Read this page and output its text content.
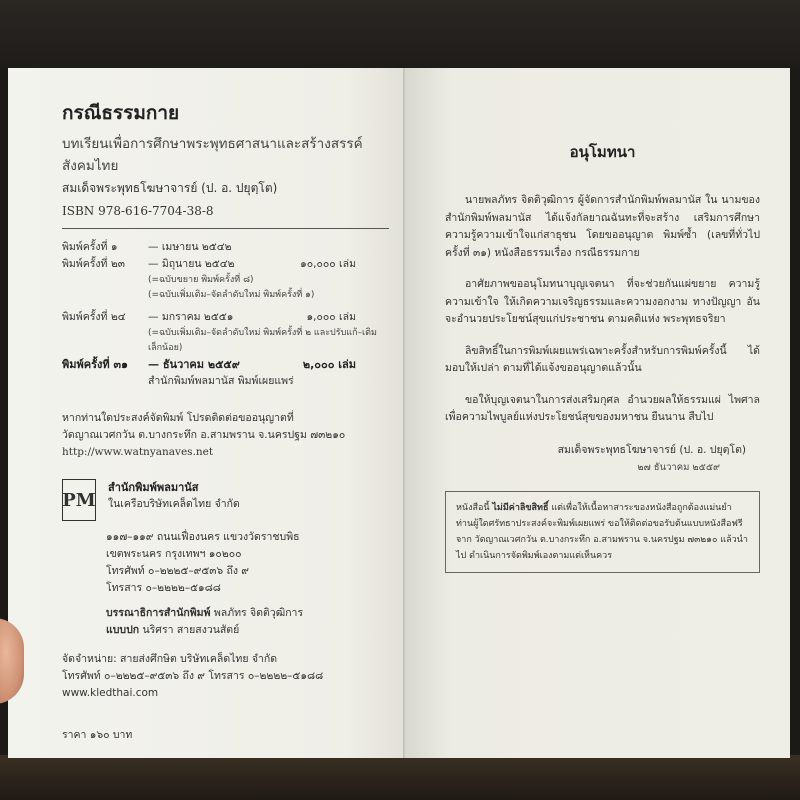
กรณีธรรมกาย
บทเรียนเพื่อการศึกษาพระพุทธศาสนาและสร้างสรรค์สังคมไทย
สมเด็จพระพุทธโฆษาจารย์ (ป. อ. ปยุตฺโต)
ISBN 978-616-7704-38-8
พิมพ์ครั้งที่ ๑	— เมษายน ๒๕๔๒
พิมพ์ครั้งที่ ๒๓	— มิถุนายน ๒๕๔๒	๑๐,๐๐๐ เล่ม
(=ฉบับขยาย พิมพ์ครั้งที่ ๘)
(=ฉบับเพิ่มเติม–จัดลำดับใหม่ พิมพ์ครั้งที่ ๑)
พิมพ์ครั้งที่ ๒๔	— มกราคม ๒๕๕๑	๑,๐๐๐ เล่ม
(=ฉบับเพิ่มเติม–จัดลำดับใหม่ พิมพ์ครั้งที่ ๒ และปรับแก้–เติมเล็กน้อย)
พิมพ์ครั้งที่ ๓๑	— ธันวาคม ๒๕๕๙	๒,๐๐๐ เล่ม
สำนักพิมพ์พลมานัส พิมพ์เผยแพร่
หากท่านใดประสงค์จัดพิมพ์ โปรดติดต่อขออนุญาตที่
วัดญาณเวศกวัน ต.บางกระทึก อ.สามพราน จ.นครปฐม ๗๓๒๑๐
http://www.watnyanaves.net
PM
สำนักพิมพ์พลมานัส
ในเครือบริษัทเคล็ดไทย จำกัด
๑๑๗–๑๑๙ ถนนเฟื่องนคร แขวงวัดราชบพิธ
เขตพระนคร กรุงเทพฯ ๑๐๒๐๐
โทรศัพท์ ๐–๒๒๒๕–๙๕๓๖ ถึง ๙
โทรสาร ๐–๒๒๒๒–๕๑๘๘
บรรณาธิการสำนักพิมพ์ พลภัทร จิตติวุฒิการ
แบบปก นริศรา สายสงวนสัตย์
จัดจำหน่าย: สายส่งศึกษิต บริษัทเคล็ดไทย จำกัด
โทรศัพท์ ๐–๒๒๒๕–๙๕๓๖ ถึง ๙ โทรสาร ๐–๒๒๒๒–๕๑๘๘
www.kledthai.com
ราคา ๑๖๐ บาท
อนุโมทนา

นายพลภัทร จิตติวุฒิการ ผู้จัดการสำนักพิมพ์พลมานัส ใน นามของสำนักพิมพ์พลมานัส ได้แจ้งกัลยาณฉันทะที่จะสร้าง เสริมการศึกษาความรู้ความเข้าใจแก่สาธุชน โดยขออนุญาต พิมพ์ซ้ำ (เลขที่ทั่วไป ครั้งที่ ๓๑) หนังสือธรรมเรื่อง กรณีธรรมกาย

อาศัยภาพขออนุโมทนาบุญเจตนา ที่จะช่วยกันแผ่ขยาย ความรู้ความเข้าใจ ให้เกิดความเจริญธรรมและความงอกงาม ทางปัญญา อันจะอำนวยประโยชน์สุขแก่ประชาชน ตามคติแห่ง พระพุทธจริยา

ลิขสิทธิ์ในการพิมพ์เผยแพร่เฉพาะครั้งสำหรับการพิมพ์ครั้งนี้ ได้มอบให้เปล่า ตามที่ได้แจ้งขออนุญาตแล้วนั้น

ขอให้บุญเจตนาในการส่งเสริมกุศล อำนวยผลให้ธรรมแผ่ ไพศาล เพื่อความไพบูลย์แห่งประโยชน์สุขของมหาชน ยืนนาน สืบไป

สมเด็จพระพุทธโฆษาจารย์ (ป. อ. ปยุตฺโต)
๒๗ ธันวาคม ๒๕๕๙
หนังสือนี้ ไม่มีค่าลิขสิทธิ์ แต่เพื่อให้เนื้อหาสาระของหนังสือถูกต้องแม่นยำ ท่านผู้ใดศรัทธาประสงค์จะพิมพ์เผยแพร่ ขอให้ติดต่อขอรับต้นแบบหนังสือฟรี จาก วัดญาณเวศกวัน ต.บางกระทึก อ.สามพราน จ.นครปฐม ๗๓๒๑๐ แล้วนำไป ดำเนินการจัดพิมพ์เองตามแต่เห็นควร
